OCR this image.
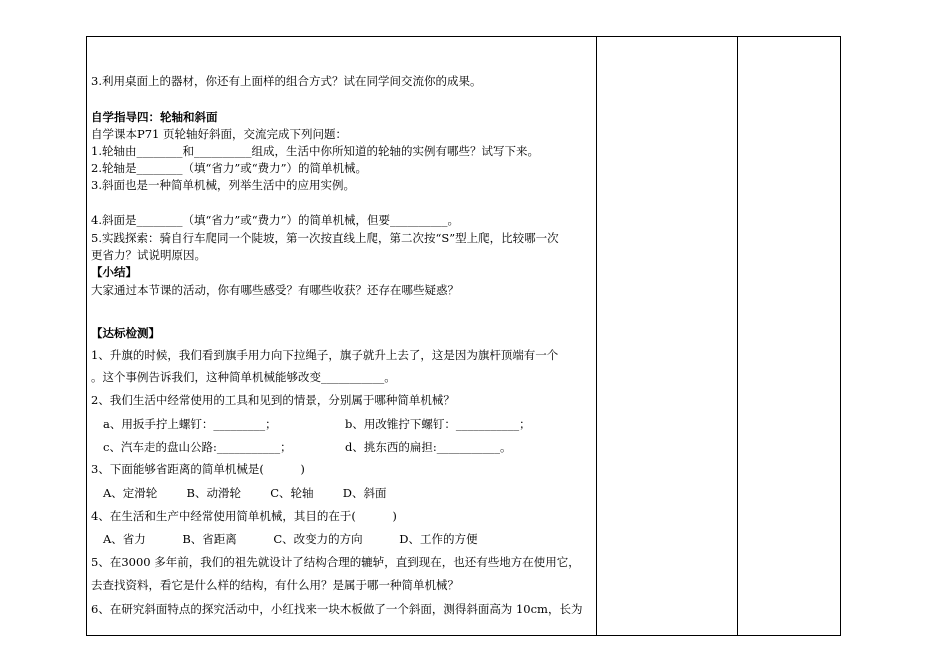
3.利用桌面上的器材，你还有上面样的组合方式？试在同学间交流你的成果。
自学指导四：轮轴和斜面
自学课本P71 页轮轴好斜面，交流完成下列问题：
1.轮轴由________和__________组成，生活中你所知道的轮轴的实例有哪些？试写下来。
2.轮轴是________（填“省力”或“费力”）的简单机械。
3.斜面也是一种简单机械，列举生活中的应用实例。
4.斜面是________（填“省力”或“费力”）的简单机械，但要__________。
5.实践探索：骑自行车爬同一个陡坡，第一次按直线上爬，第二次按“S”型上爬，比较哪一次
更省力？试说明原因。
【小结】
大家通过本节课的活动，你有哪些感受？有哪些收获？还存在哪些疑惑？
【达标检测】
1、升旗的时候，我们看到旗手用力向下拉绳子，旗子就升上去了，这是因为旗杆顶端有一个
。这个事例告诉我们，这种简单机械能够改变___________。
2、我们生活中经常使用的工具和见到的情景，分别属于哪种简单机械？
a、用扳手拧上螺钉：_________；	b、用改锥拧下螺钉：___________；
c、汽车走的盘山公路:___________；	d、挑东西的扁担:___________。
3、下面能够省距离的简单机械是(          )
A、定滑轮        B、动滑轮        C、轮轴        D、斜面
4、在生活和生产中经常使用简单机械，其目的在于(          )
A、省力          B、省距离          C、改变力的方向          D、工作的方便
5、在3000 多年前，我们的祖先就设计了结构合理的辘轳，直到现在，也还有些地方在使用它，
去查找资料，看它是什么样的结构，有什么用？是属于哪一种简单机械？
6、在研究斜面特点的探究活动中，小红找来一块木板做了一个斜面，测得斜面高为 10cm，长为
